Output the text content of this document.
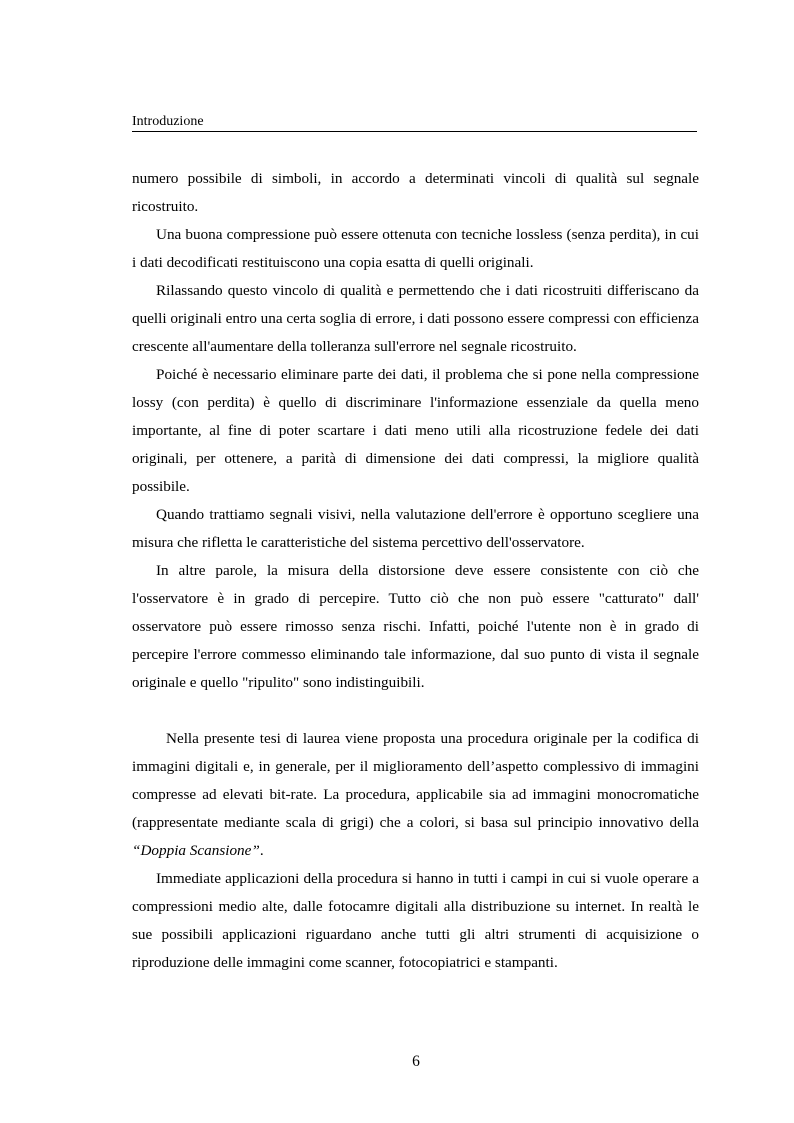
Introduzione

numero possibile di simboli, in accordo a determinati vincoli di qualità sul segnale ricostruito.

Una buona compressione può essere ottenuta con tecniche lossless (senza perdita), in cui i dati decodificati restituiscono una copia esatta di quelli originali.

Rilassando questo vincolo di qualità e permettendo che i dati ricostruiti differiscano da quelli originali entro una certa soglia di errore, i dati possono essere compressi con efficienza crescente all'aumentare della tolleranza sull'errore nel segnale ricostruito.

Poiché è necessario eliminare parte dei dati, il problema che si pone nella compressione lossy (con perdita) è quello di discriminare l'informazione essenziale da quella meno importante, al fine di poter scartare i dati meno utili alla ricostruzione fedele dei dati originali, per ottenere, a parità di dimensione dei dati compressi, la migliore qualità possibile.

Quando trattiamo segnali visivi, nella valutazione dell'errore è opportuno scegliere una misura che rifletta le caratteristiche del sistema percettivo dell'osservatore.

In altre parole, la misura della distorsione deve essere consistente con ciò che l'osservatore è in grado di percepire. Tutto ciò che non può essere "catturato" dall' osservatore può essere rimosso senza rischi. Infatti, poiché l'utente non è in grado di percepire l'errore commesso eliminando tale informazione, dal suo punto di vista il segnale originale e quello "ripulito" sono indistinguibili.

Nella presente tesi di laurea viene proposta una procedura originale per la codifica di immagini digitali e, in generale, per il miglioramento dell’aspetto complessivo di immagini compresse ad elevati bit-rate. La procedura, applicabile sia ad immagini monocromatiche (rappresentate mediante scala di grigi) che a colori, si basa sul principio innovativo della “Doppia Scansione”.

Immediate applicazioni della procedura si hanno in tutti i campi in cui si vuole operare a compressioni medio alte, dalle fotocamre digitali alla distribuzione su internet. In realtà le sue possibili applicazioni riguardano anche tutti gli altri strumenti di acquisizione o riproduzione delle immagini come scanner, fotocopiatrici e stampanti.

6
